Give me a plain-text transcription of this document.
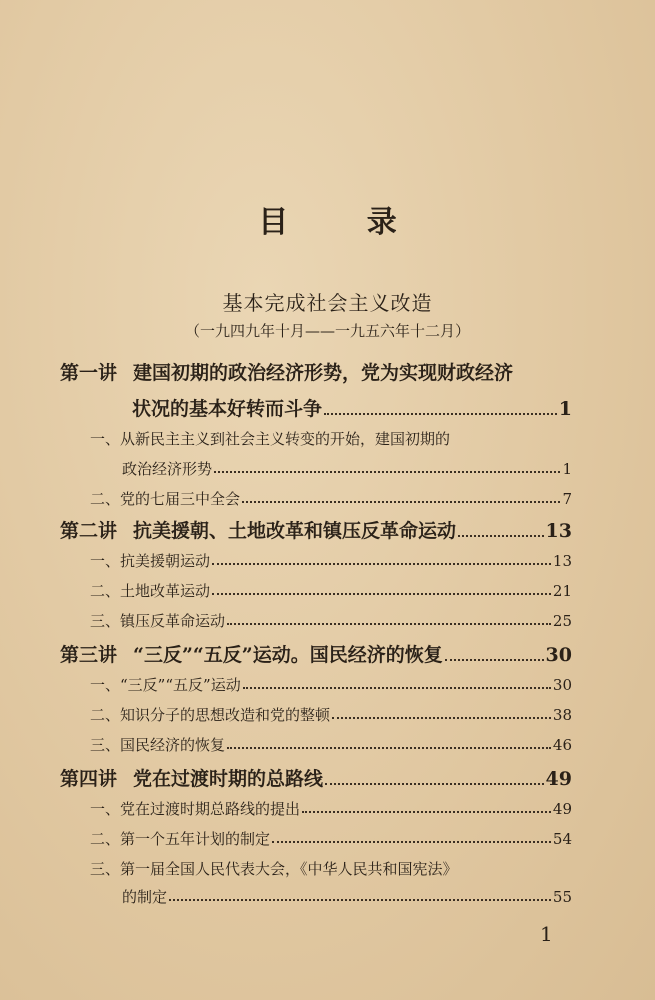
目 录
基本完成社会主义改造
（一九四九年十月——一九五六年十二月）
第一讲 建国初期的政治经济形势，党为实现财政经济
状况的基本好转而斗争	1
一、从新民主主义到社会主义转变的开始，建国初期的
政治经济形势	1
二、党的七届三中全会	7
第二讲 抗美援朝、土地改革和镇压反革命运动	13
一、抗美援朝运动	13
二、土地改革运动	21
三、镇压反革命运动	25
第三讲 “三反”“五反”运动。国民经济的恢复	30
一、“三反”“五反”运动	30
二、知识分子的思想改造和党的整顿	38
三、国民经济的恢复	46
第四讲 党在过渡时期的总路线	49
一、党在过渡时期总路线的提出	49
二、第一个五年计划的制定	54
三、第一届全国人民代表大会，《中华人民共和国宪法》
的制定	55
1
